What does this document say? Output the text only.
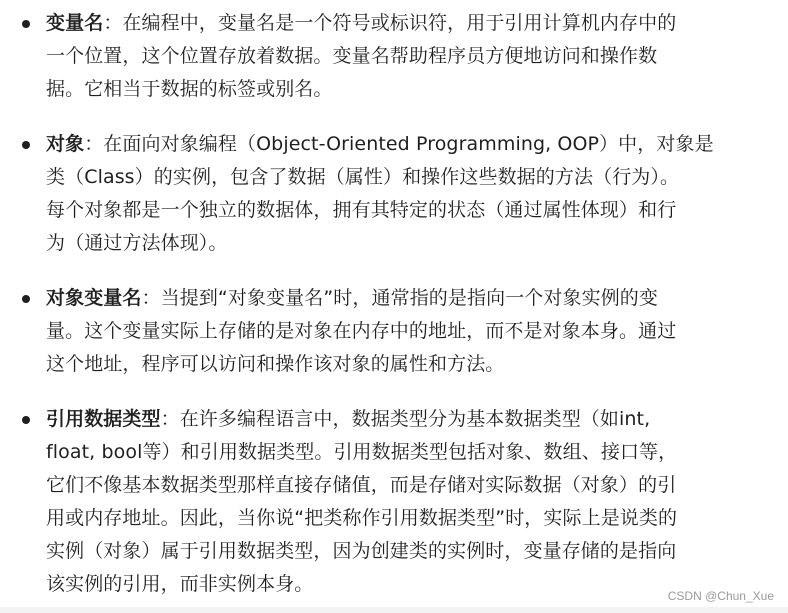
变量名：在编程中，变量名是一个符号或标识符，用于引用计算机内存中的
一个位置，这个位置存放着数据。变量名帮助程序员方便地访问和操作数
据。它相当于数据的标签或别名。
对象：在面向对象编程（Object-Oriented Programming, OOP）中，对象是
类（Class）的实例，包含了数据（属性）和操作这些数据的方法（行为）。
每个对象都是一个独立的数据体，拥有其特定的状态（通过属性体现）和行
为（通过方法体现）。
对象变量名：当提到“对象变量名”时，通常指的是指向一个对象实例的变
量。这个变量实际上存储的是对象在内存中的地址，而不是对象本身。通过
这个地址，程序可以访问和操作该对象的属性和方法。
引用数据类型：在许多编程语言中，数据类型分为基本数据类型（如int,
float, bool等）和引用数据类型。引用数据类型包括对象、数组、接口等，
它们不像基本数据类型那样直接存储值，而是存储对实际数据（对象）的引
用或内存地址。因此，当你说“把类称作引用数据类型”时，实际上是说类的
实例（对象）属于引用数据类型，因为创建类的实例时，变量存储的是指向
该实例的引用，而非实例本身。
CSDN @Chun_Xue
